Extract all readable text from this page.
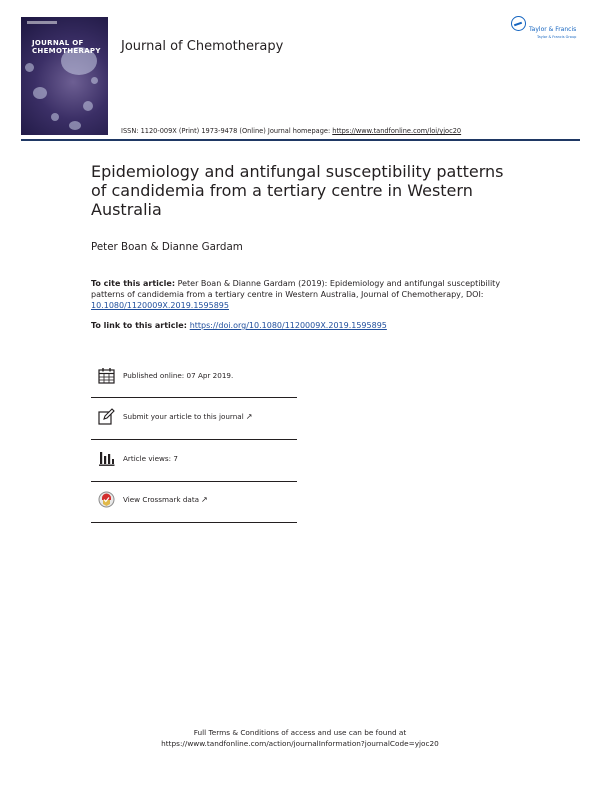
JOURNAL OF
CHEMOTHERAPY Journal of Chemotherapy
Taylor & Francis
Taylor & Francis Group
ISSN: 1120-009X (Print) 1973-9478 (Online) Journal homepage: https://www.tandfonline.com/loi/yjoc20
Epidemiology and antifungal susceptibility patterns of candidemia from a tertiary centre in Western Australia
Peter Boan & Dianne Gardam
To cite this article: Peter Boan & Dianne Gardam (2019): Epidemiology and antifungal susceptibility patterns of candidemia from a tertiary centre in Western Australia, Journal of Chemotherapy, DOI: 10.1080/1120009X.2019.1595895
To link to this article: https://doi.org/10.1080/1120009X.2019.1595895
Published online: 07 Apr 2019.
Submit your article to this journal ↗
Article views: 7
View Crossmark data ↗
Full Terms & Conditions of access and use can be found at
https://www.tandfonline.com/action/journalInformation?journalCode=yjoc20
